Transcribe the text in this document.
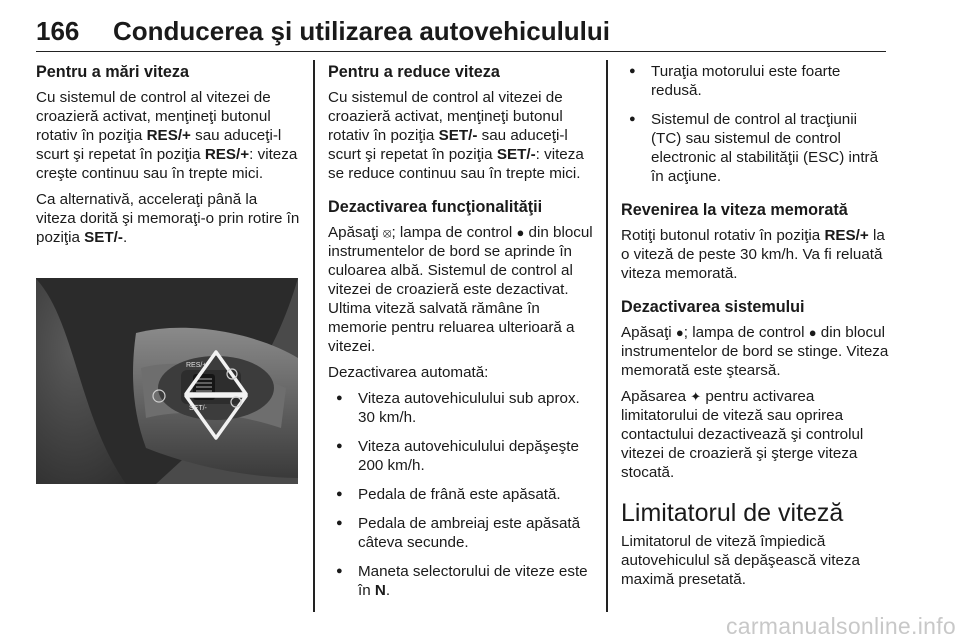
166 Conducerea şi utilizarea autovehiculului
Pentru a mări viteza

Cu sistemul de control al vitezei de croazieră activat, menţineţi butonul rotativ în poziţia RES/+ sau aduceţi-l scurt şi repetat în poziţia RES/+: viteza creşte continuu sau în trepte mici.

Ca alternativă, acceleraţi până la viteza dorită şi memoraţi-o prin rotire în poziţia SET/-.

RES/+
SET/-
Pentru a reduce viteza

Cu sistemul de control al vitezei de croazieră activat, menţineţi butonul rotativ în poziţia SET/- sau aduceţi-l scurt şi repetat în poziţia SET/-: viteza se reduce continuu sau în trepte mici.

Dezactivarea funcţionalităţii

Apăsaţi ⦻; lampa de control ● din blocul instrumentelor de bord se aprinde în culoarea albă. Sistemul de control al vitezei de croazieră este dezactivat. Ultima viteză salvată rămâne în memorie pentru reluarea ulterioară a vitezei.

Dezactivarea automată:

● Viteza autovehiculului sub aprox. 30 km/h.
● Viteza autovehiculului depăşeşte 200 km/h.
● Pedala de frână este apăsată.
● Pedala de ambreiaj este apăsată câteva secunde.
● Maneta selectorului de viteze este în N.
● Turaţia motorului este foarte redusă.
● Sistemul de control al tracţiunii (TC) sau sistemul de control electronic al stabilităţii (ESC) intră în acţiune.
Revenirea la viteza memorată

Rotiţi butonul rotativ în poziţia RES/+ la o viteză de peste 30 km/h. Va fi reluată viteza memorată.

Dezactivarea sistemului

Apăsaţi ●; lampa de control ● din blocul instrumentelor de bord se stinge. Viteza memorată este ştearsă.

Apăsarea ✦ pentru activarea limitatorului de viteză sau oprirea contactului dezactivează şi controlul vitezei de croazieră şi şterge viteza stocată.

Limitatorul de viteză

Limitatorul de viteză împiedică autovehiculul să depăşească viteza maximă presetată.

carmanualsonline.info
